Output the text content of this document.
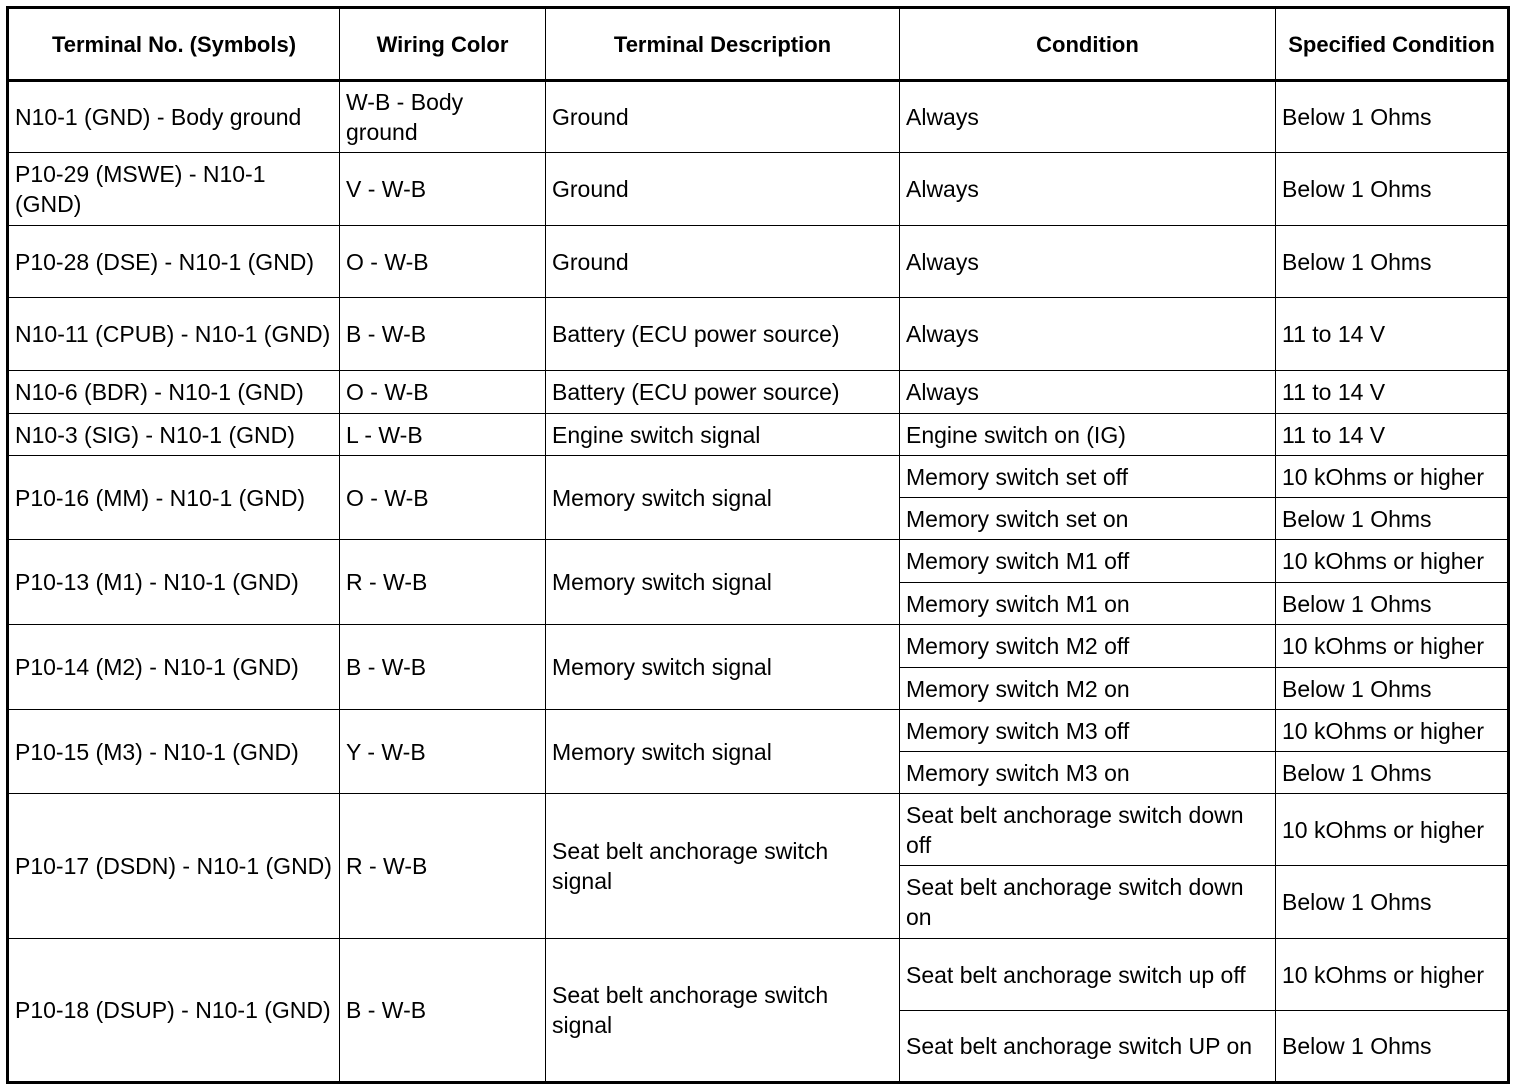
Terminal No. (Symbols)	Wiring Color	Terminal Description	Condition	Specified Condition
N10-1 (GND) - Body ground	W-B - Body ground	Ground	Always	Below 1 Ohms
P10-29 (MSWE) - N10-1 (GND)	V - W-B	Ground	Always	Below 1 Ohms
P10-28 (DSE) - N10-1 (GND)	O - W-B	Ground	Always	Below 1 Ohms
N10-11 (CPUB) - N10-1 (GND)	B - W-B	Battery (ECU power source)	Always	11 to 14 V
N10-6 (BDR) - N10-1 (GND)	O - W-B	Battery (ECU power source)	Always	11 to 14 V
N10-3 (SIG) - N10-1 (GND)	L - W-B	Engine switch signal	Engine switch on (IG)	11 to 14 V
P10-16 (MM) - N10-1 (GND)	O - W-B	Memory switch signal	Memory switch set off	10 kOhms or higher
			Memory switch set on	Below 1 Ohms
P10-13 (M1) - N10-1 (GND)	R - W-B	Memory switch signal	Memory switch M1 off	10 kOhms or higher
			Memory switch M1 on	Below 1 Ohms
P10-14 (M2) - N10-1 (GND)	B - W-B	Memory switch signal	Memory switch M2 off	10 kOhms or higher
			Memory switch M2 on	Below 1 Ohms
P10-15 (M3) - N10-1 (GND)	Y - W-B	Memory switch signal	Memory switch M3 off	10 kOhms or higher
			Memory switch M3 on	Below 1 Ohms
P10-17 (DSDN) - N10-1 (GND)	R - W-B	Seat belt anchorage switch signal	Seat belt anchorage switch down off	10 kOhms or higher
			Seat belt anchorage switch down on	Below 1 Ohms
P10-18 (DSUP) - N10-1 (GND)	B - W-B	Seat belt anchorage switch signal	Seat belt anchorage switch up off	10 kOhms or higher
			Seat belt anchorage switch UP on	Below 1 Ohms
